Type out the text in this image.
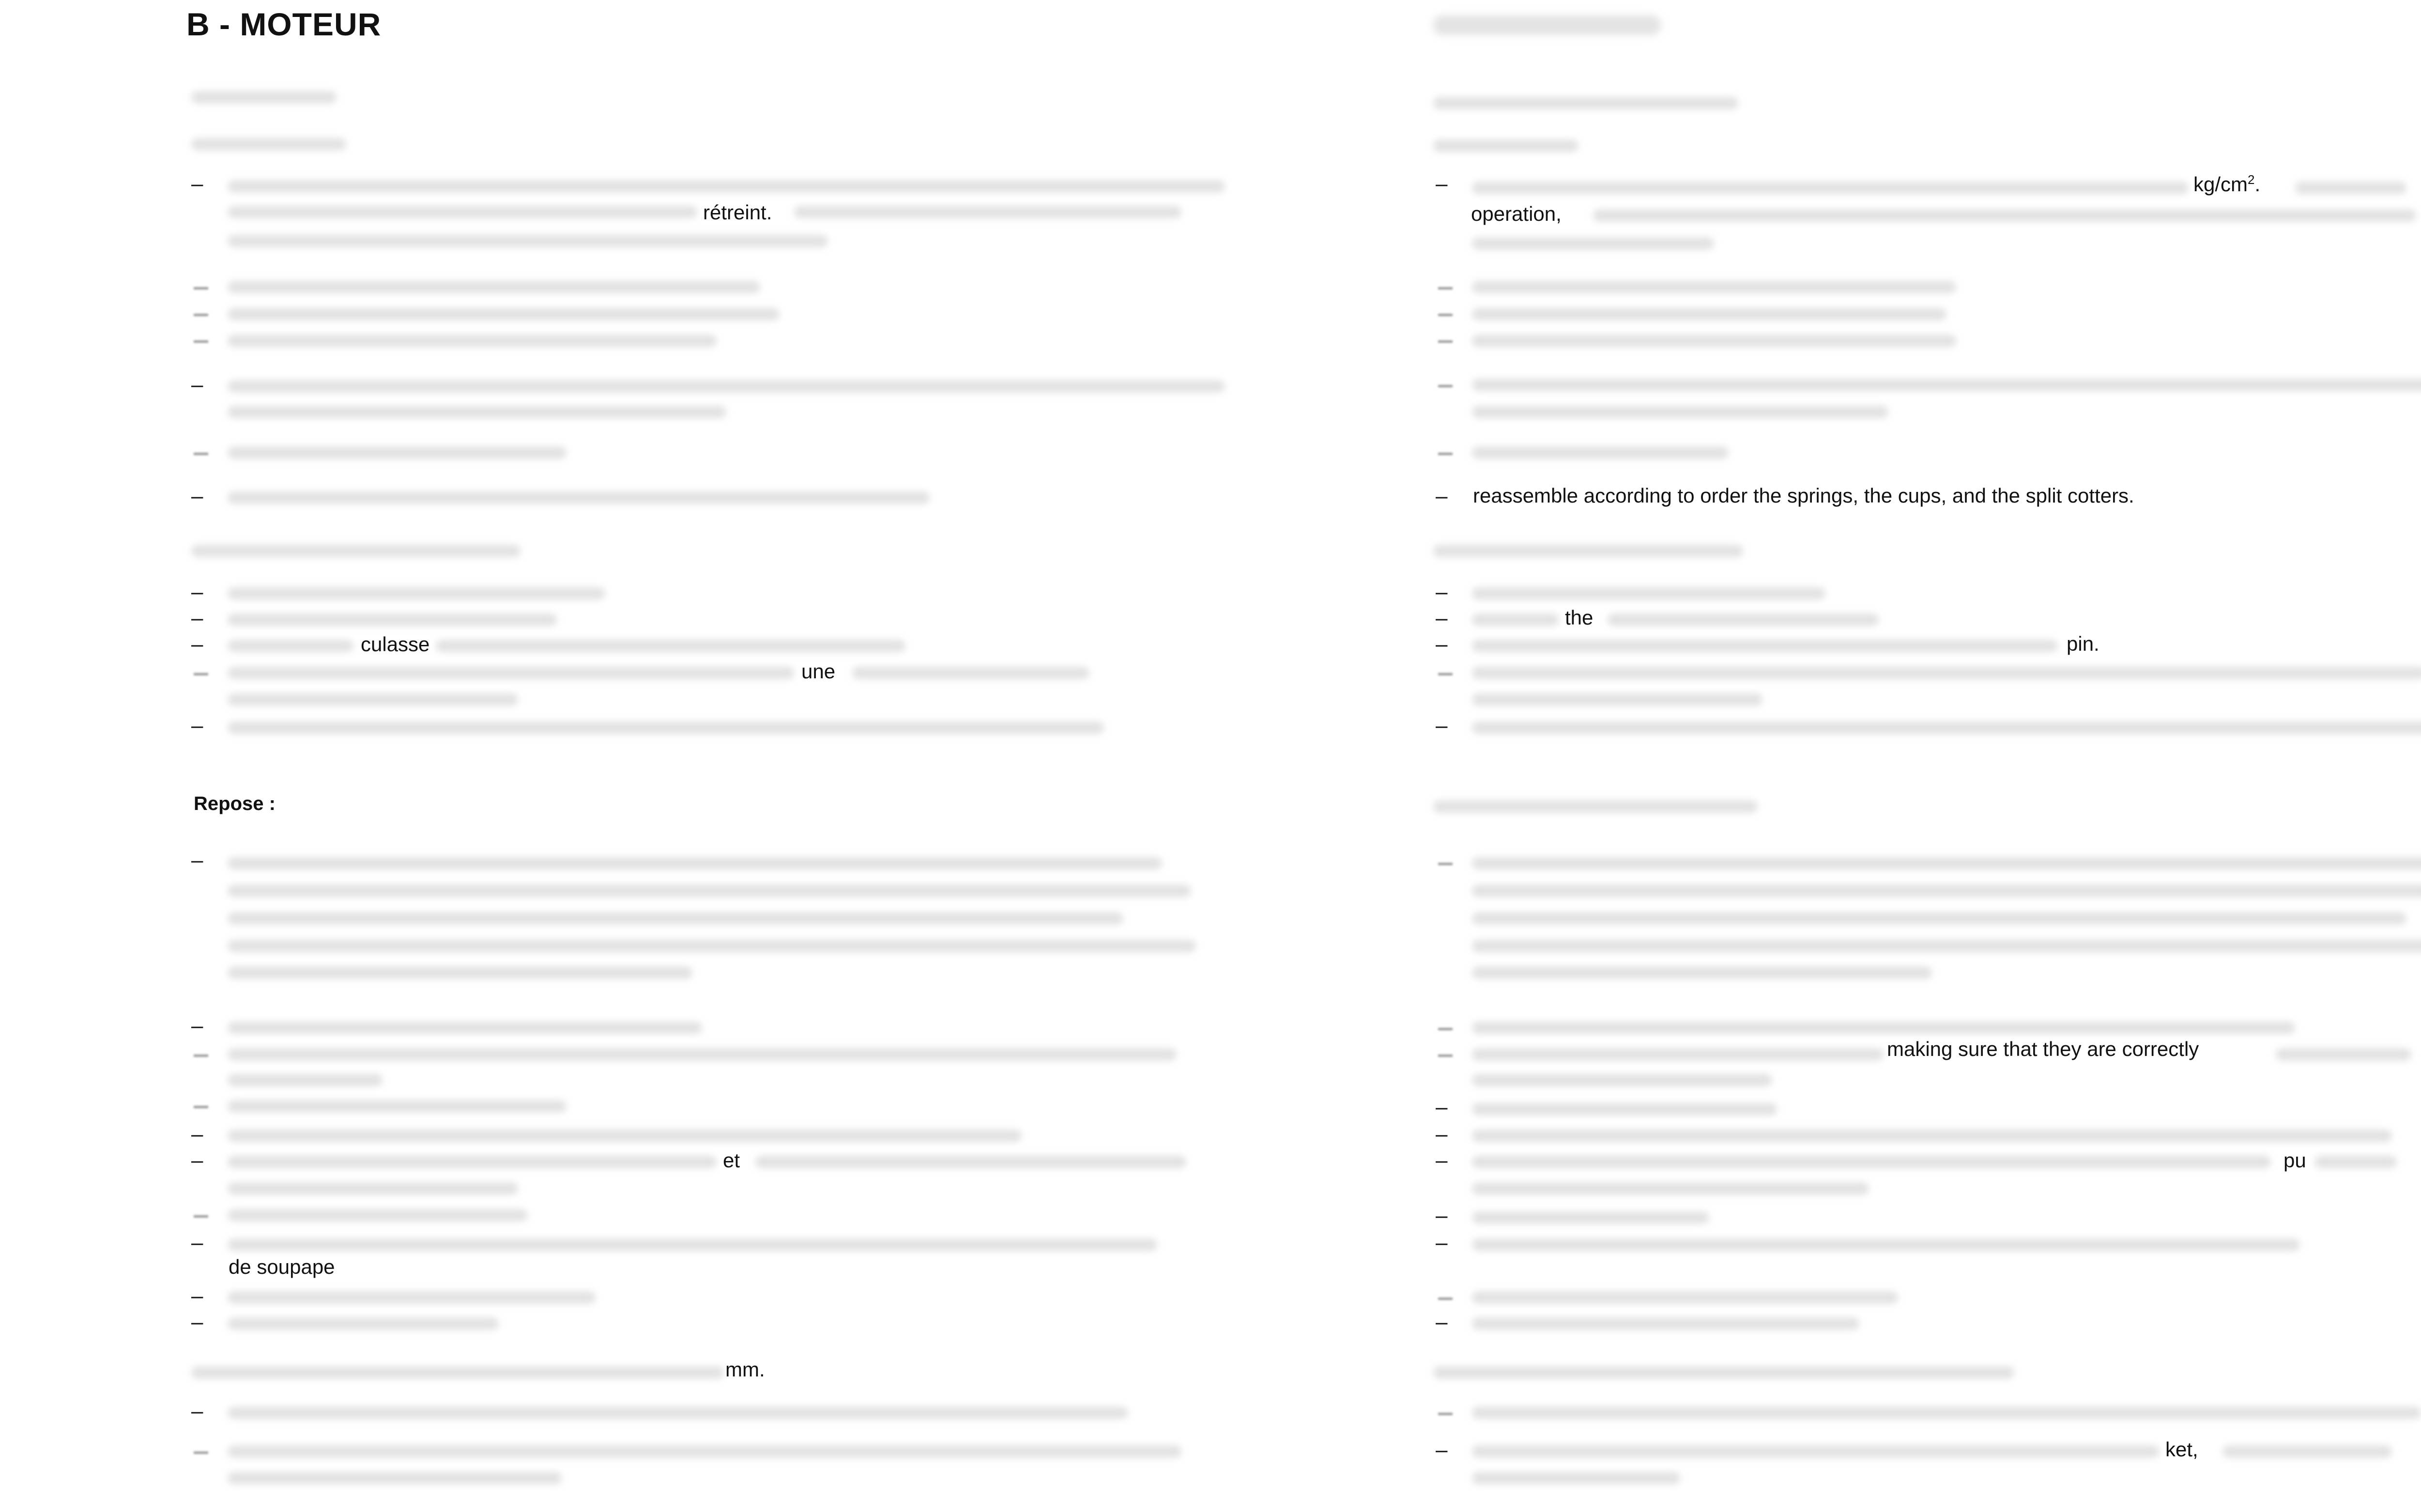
B - MOTEUR
–
rétreint.
–
–
–
–
–	culasse
une
–
Repose :
–
–
–
–	et
–
de soupape
–
–
mm.
–
–	$kg/cm^2$.
operation,
– reassemble according to order the springs, the cups, and the split cotters.
–
–	the
–	pin.
–
making sure that they are correctly
–
–
–	pu
–
–
–
–	ket,
